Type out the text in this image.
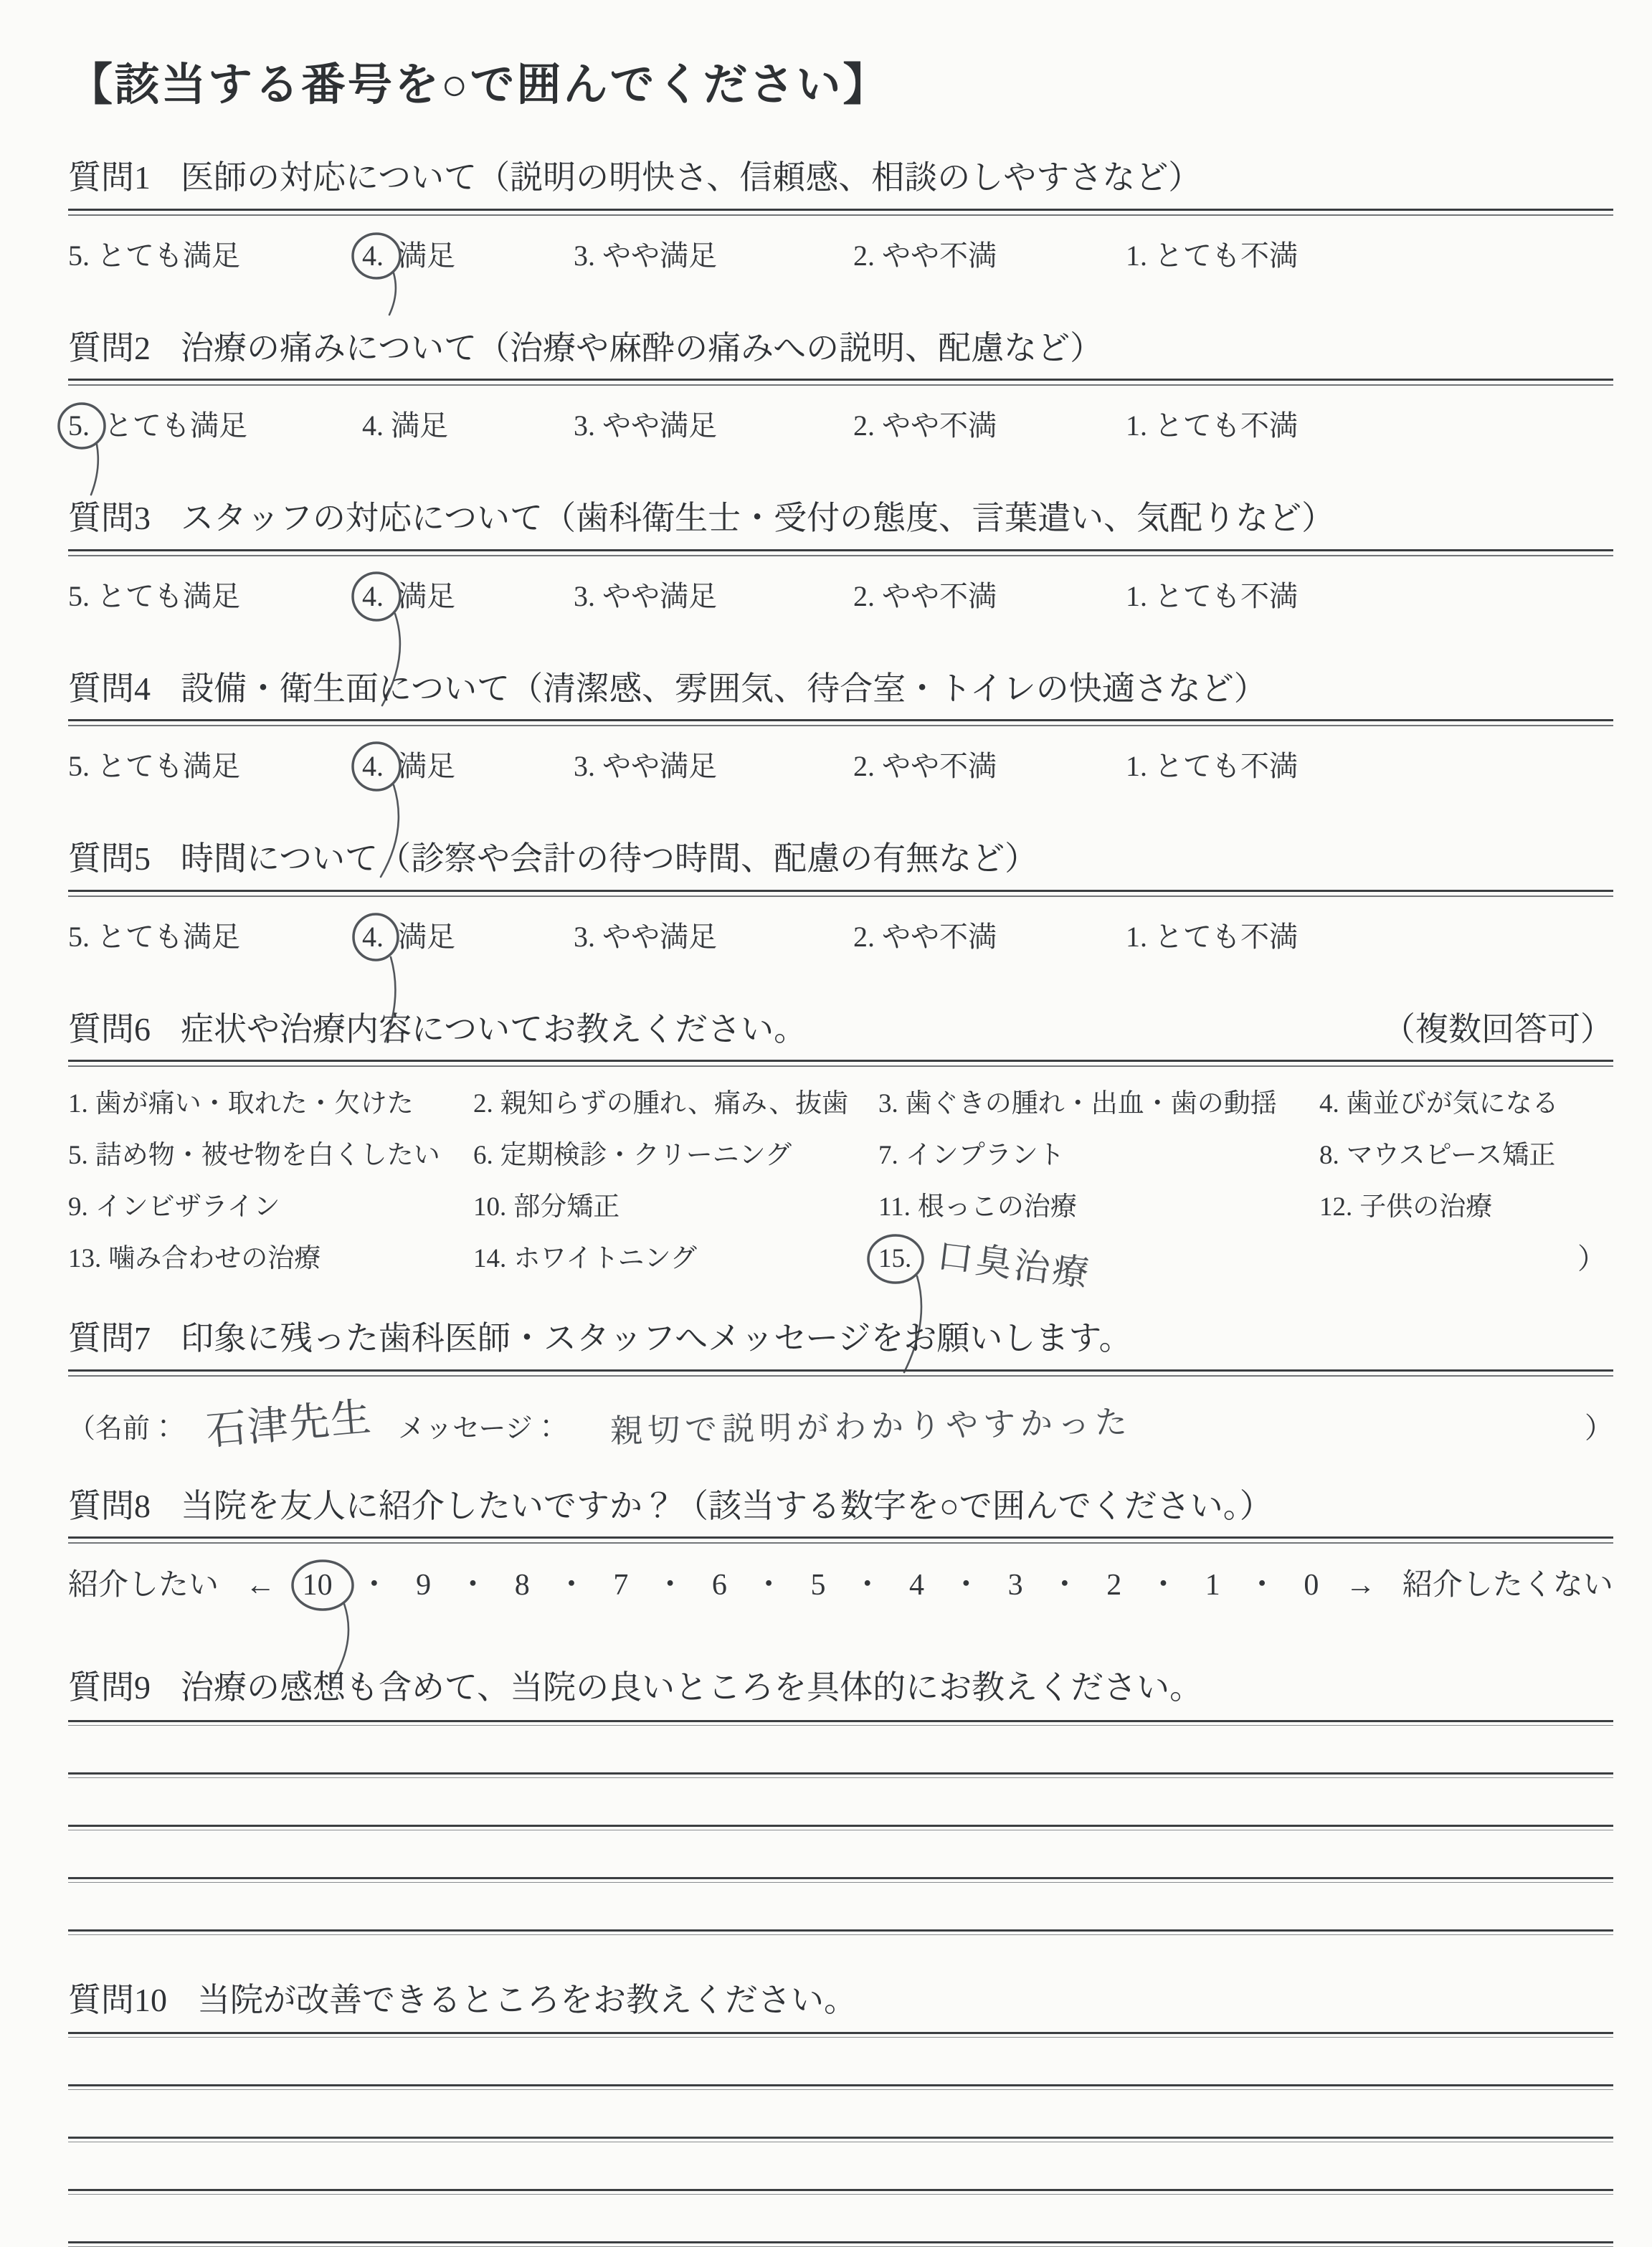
【該当する番号を○で囲んでください】
質問1 医師の対応について（説明の明快さ、信頼感、相談のしやすさなど）
5. とても満足	4. 満足	3. やや満足	2. やや不満	1. とても不満
質問2 治療の痛みについて（治療や麻酔の痛みへの説明、配慮など）
5. とても満足	4. 満足	3. やや満足	2. やや不満	1. とても不満
質問3 スタッフの対応について（歯科衛生士・受付の態度、言葉遣い、気配りなど）
5. とても満足	4. 満足	3. やや満足	2. やや不満	1. とても不満
質問4 設備・衛生面について（清潔感、雰囲気、待合室・トイレの快適さなど）
5. とても満足	4. 満足	3. やや満足	2. やや不満	1. とても不満
質問5 時間について（診察や会計の待つ時間、配慮の有無など）
5. とても満足	4. 満足	3. やや満足	2. やや不満	1. とても不満
質問6 症状や治療内容についてお教えください。	（複数回答可）
1. 歯が痛い・取れた・欠けた	2. 親知らずの腫れ、痛み、抜歯	3. 歯ぐきの腫れ・出血・歯の動揺	4. 歯並びが気になる
5. 詰め物・被せ物を白くしたい	6. 定期検診・クリーニング	7. インプラント	8. マウスピース矯正
9. インビザライン	10. 部分矯正	11. 根っこの治療	12. 子供の治療
13. 噛み合わせの治療	14. ホワイトニング	15. 口臭治療	）
質問7 印象に残った歯科医師・スタッフへメッセージをお願いします。
（名前： 石津先生 メッセージ： 親切で説明がわかりやすかった	）
質問8 当院を友人に紹介したいですか？（該当する数字を○で囲んでください。）
紹介したい ← 10 ・ 9 ・ 8 ・ 7 ・ 6 ・ 5 ・ 4 ・ 3 ・ 2 ・ 1 ・ 0 → 紹介したくない
質問9 治療の感想も含めて、当院の良いところを具体的にお教えください。
質問10 当院が改善できるところをお教えください。
